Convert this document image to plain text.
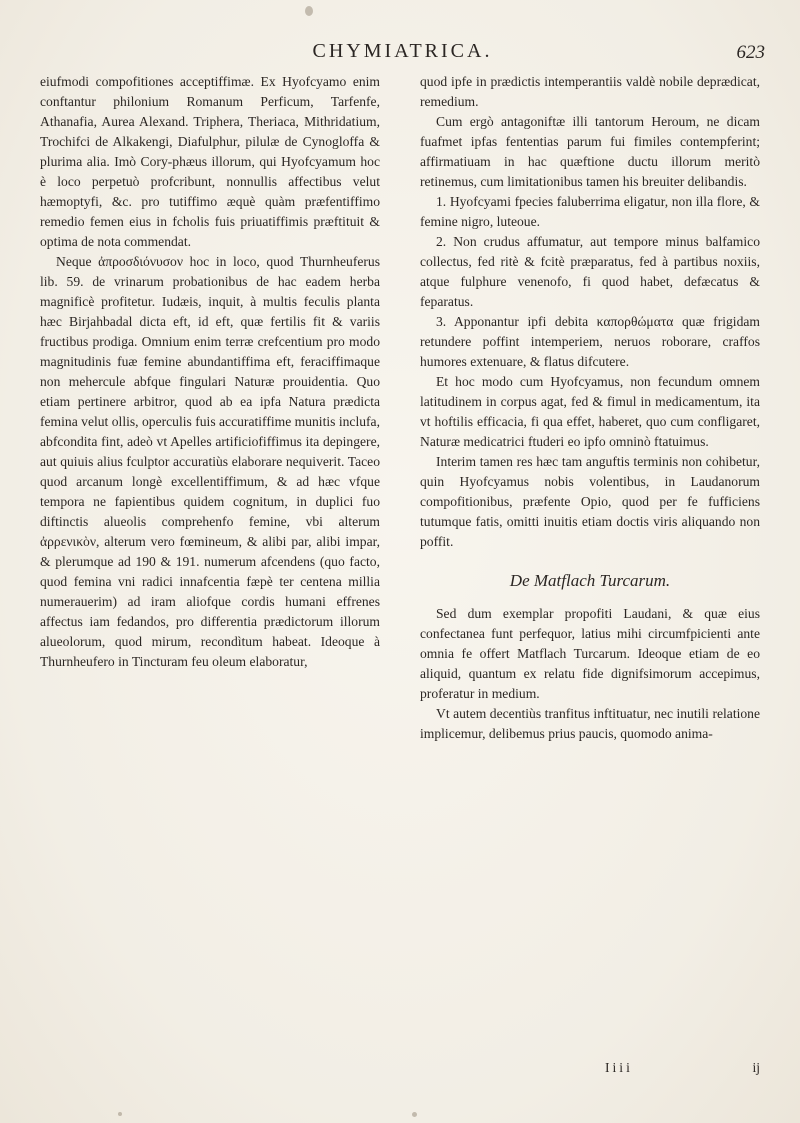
CHYMIATRICA.	623

eiufmodi compofitiones acceptiffimæ. Ex Hyofcyamo enim conftantur philonium Romanum Perficum, Tarfenfe, Athanafia, Aurea Alexand. Triphera, Theriaca, Mithridatium, Trochifci de Alkakengi, Diafulphur, pilulæ de Cynogloffa & plurima alia. Imò Cory-phæus illorum, qui Hyofcyamum hoc è loco perpetuò profcribunt, nonnullis affectibus velut hæmoptyfi, &c. pro tutiffimo æquè quàm præfentiffimo remedio femen eius in fcholis fuis priuatiffimis præftituit & optima de nota commendat.

Neque ἀπροσδιόνυσον hoc in loco, quod Thurnheuferus lib. 59. de vrinarum probationibus de hac eadem herba magnificè profitetur. Iudæis, inquit, à multis feculis planta hæc Birjahbadal dicta eft, id eft, quæ fertilis fit & variis fructibus prodiga. Omnium enim terræ crefcentium pro modo magnitudinis fuæ femine abundantiffima eft, feraciffimaque non mehercule abfque fingulari Naturæ prouidentia. Quo etiam pertinere arbitror, quod ab ea ipfa Natura prædicta femina velut ollis, operculis fuis accuratiffime munitis inclufa, abfcondita fint, adeò vt Apelles artificiofiffimus ita depingere, aut quiuis alius fculptor accuratiùs elaborare nequiverit. Taceo quod arcanum longè excellentiffimum, & ad hæc vfque tempora ne fapientibus quidem cognitum, in duplici fuo diftinctis alueolis comprehenfo femine, vbi alterum ἀρρενικὸν, alterum vero fœmineum, & alibi par, alibi impar, & plerumque ad 190 & 191. numerum afcendens (quo facto, quod femina vni radici innafcentia fæpè ter centena millia numerauerim) ad iram aliofque cordis humani effrenes affectus iam fedandos, pro differentia prædictorum illorum alueolorum, quod mirum, recondìtum habeat. Ideoque à Thurnheufero in Tincturam feu oleum elaboratur,

quod ipfe in prædictis intemperantiis valdè nobile deprædicat, remedium.

Cum ergò antagoniftæ illi tantorum Heroum, ne dicam fuafmet ipfas fententias parum fui fimiles contempferint; affirmatiuam in hac quæftione ductu illorum meritò retinemus, cum limitationibus tamen his breuiter delibandis.

1. Hyofcyami fpecies faluberrima eligatur, non illa flore, & femine nigro, luteoue.

2. Non crudus affumatur, aut tempore minus balfamico collectus, fed ritè & fcitè præparatus, fed à partibus noxiis, atque fulphure venenofo, fi quod habet, defæcatus & feparatus.

3. Apponantur ipfi debita καπορθώματα quæ frigidam retundere poffint intemperiem, neruos roborare, craffos humores extenuare, & flatus difcutere.

Et hoc modo cum Hyofcyamus, non fecundum omnem latitudinem in corpus agat, fed & fimul in medicamentum, ita vt hoftilis efficacia, fi qua effet, haberet, quo cum confligaret, Naturæ medicatrici ftuderi eo ipfo omninò ftatuimus.

Interim tamen res hæc tam anguftis terminis non cohibetur, quin Hyofcyamus nobis volentibus, in Laudanorum compofitionibus, præfente Opio, quod per fe fufficiens tutumque fatis, omitti inuitis etiam doctis viris aliquando non poffit.

De Matflach Turcarum.

Sed dum exemplar propofiti Laudani, & quæ eius confectanea funt perfequor, latius mihi circumfpicienti ante omnia fe offert Matflach Turcarum. Ideoque etiam de eo aliquid, quantum ex relatu fide dignifsimorum accepimus, proferatur in medium.

Vt autem decentiùs tranfitus inftituatur, nec inutili relatione implicemur, delibemus prius paucis, quomodo anima-

Iiii	ij
